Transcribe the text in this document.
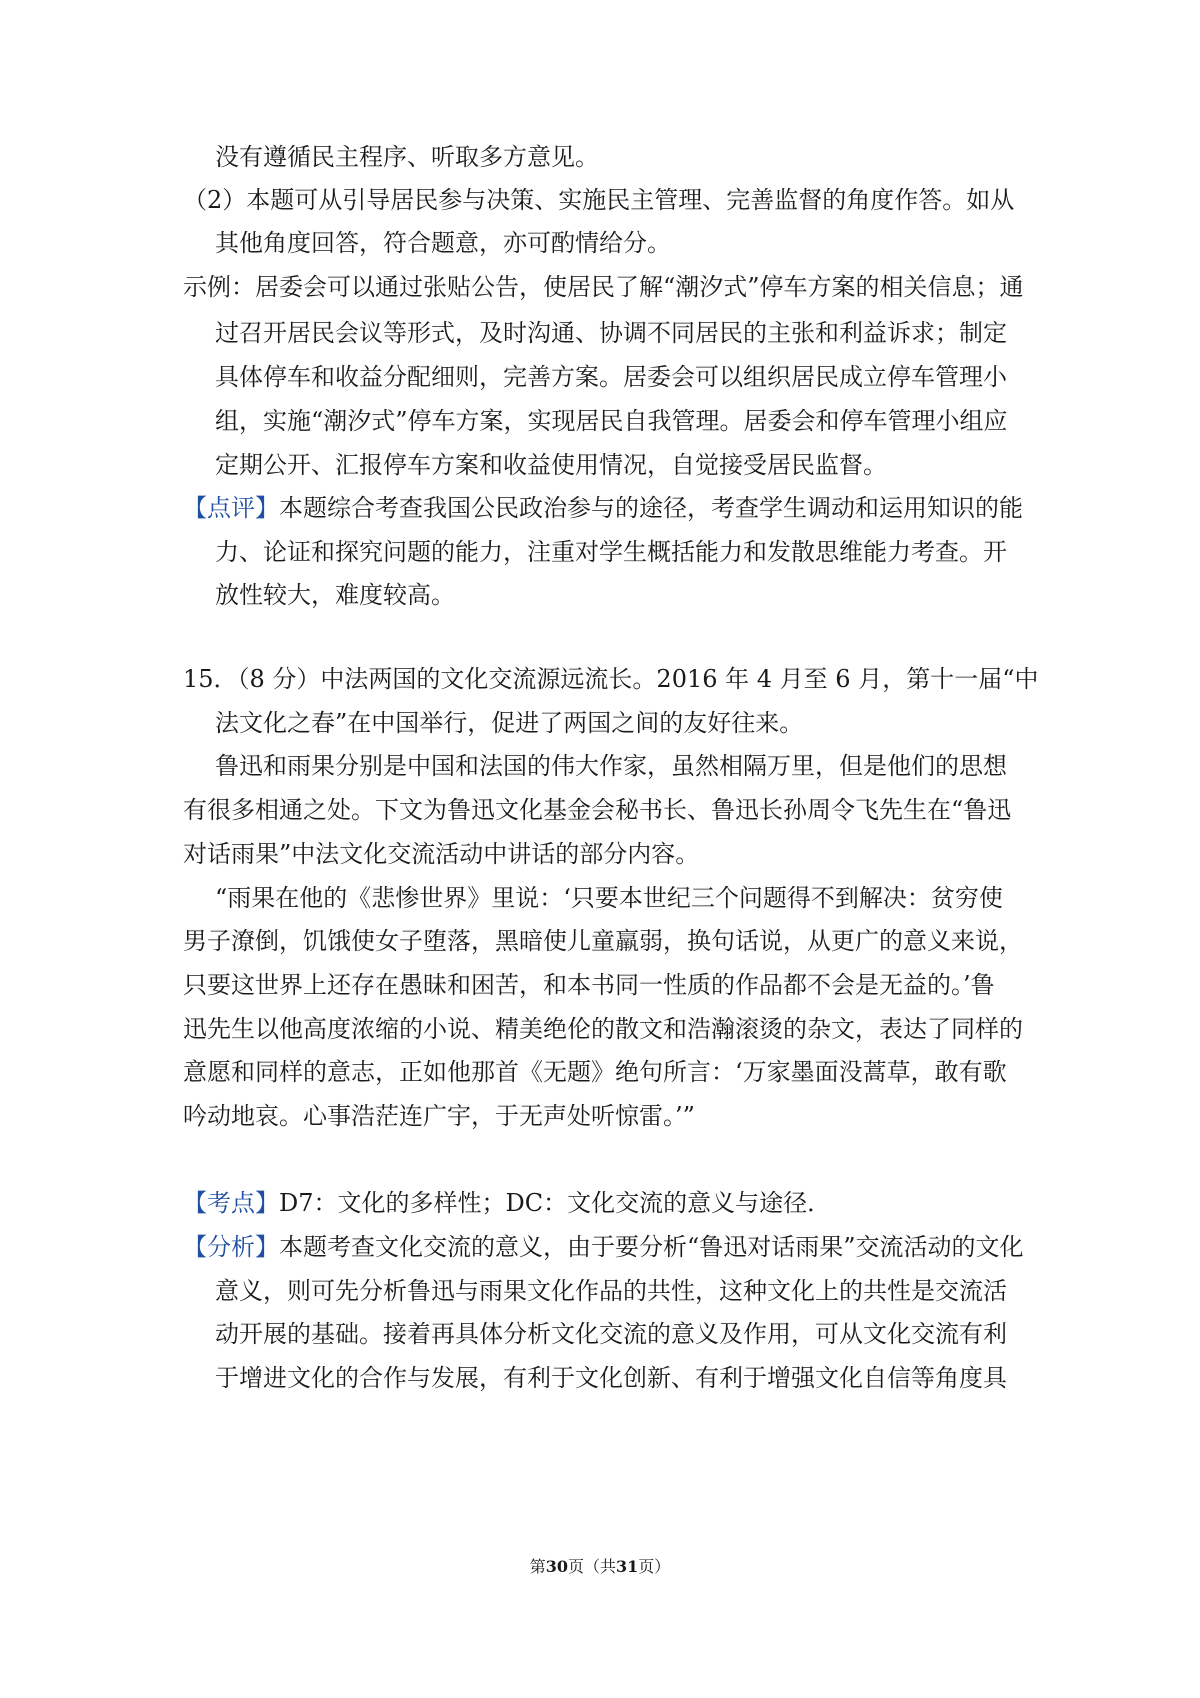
没有遵循民主程序、听取多方意见。
（2）本题可从引导居民参与决策、实施民主管理、完善监督的角度作答。如从
其他角度回答，符合题意，亦可酌情给分。
示例：居委会可以通过张贴公告，使居民了解“潮汐式”停车方案的相关信息；通
过召开居民会议等形式，及时沟通、协调不同居民的主张和利益诉求；制定
具体停车和收益分配细则，完善方案。居委会可以组织居民成立停车管理小
组，实施“潮汐式”停车方案，实现居民自我管理。居委会和停车管理小组应
定期公开、汇报停车方案和收益使用情况，自觉接受居民监督。
【点评】本题综合考查我国公民政治参与的途径，考查学生调动和运用知识的能
力、论证和探究问题的能力，注重对学生概括能力和发散思维能力考查。开
放性较大，难度较高。
15．（8 分）中法两国的文化交流源远流长。2016 年 4 月至 6 月，第十一届“中
法文化之春”在中国举行，促进了两国之间的友好往来。
鲁迅和雨果分别是中国和法国的伟大作家，虽然相隔万里，但是他们的思想
有很多相通之处。下文为鲁迅文化基金会秘书长、鲁迅长孙周令飞先生在“鲁迅
对话雨果”中法文化交流活动中讲话的部分内容。
“雨果在他的《悲惨世界》里说：‘只要本世纪三个问题得不到解决：贫穷使
男子潦倒，饥饿使女子堕落，黑暗使儿童羸弱，换句话说，从更广的意义来说，
只要这世界上还存在愚昧和困苦，和本书同一性质的作品都不会是无益的。’鲁
迅先生以他高度浓缩的小说、精美绝伦的散文和浩瀚滚烫的杂文，表达了同样的
意愿和同样的意志，正如他那首《无题》绝句所言：‘万家墨面没蒿草，敢有歌
吟动地哀。心事浩茫连广宇，于无声处听惊雷。’”
【考点】D7：文化的多样性；DC：文化交流的意义与途径．
【分析】本题考查文化交流的意义，由于要分析“鲁迅对话雨果”交流活动的文化
意义，则可先分析鲁迅与雨果文化作品的共性，这种文化上的共性是交流活
动开展的基础。接着再具体分析文化交流的意义及作用，可从文化交流有利
于增进文化的合作与发展，有利于文化创新、有利于增强文化自信等角度具
第30页（共31页）
